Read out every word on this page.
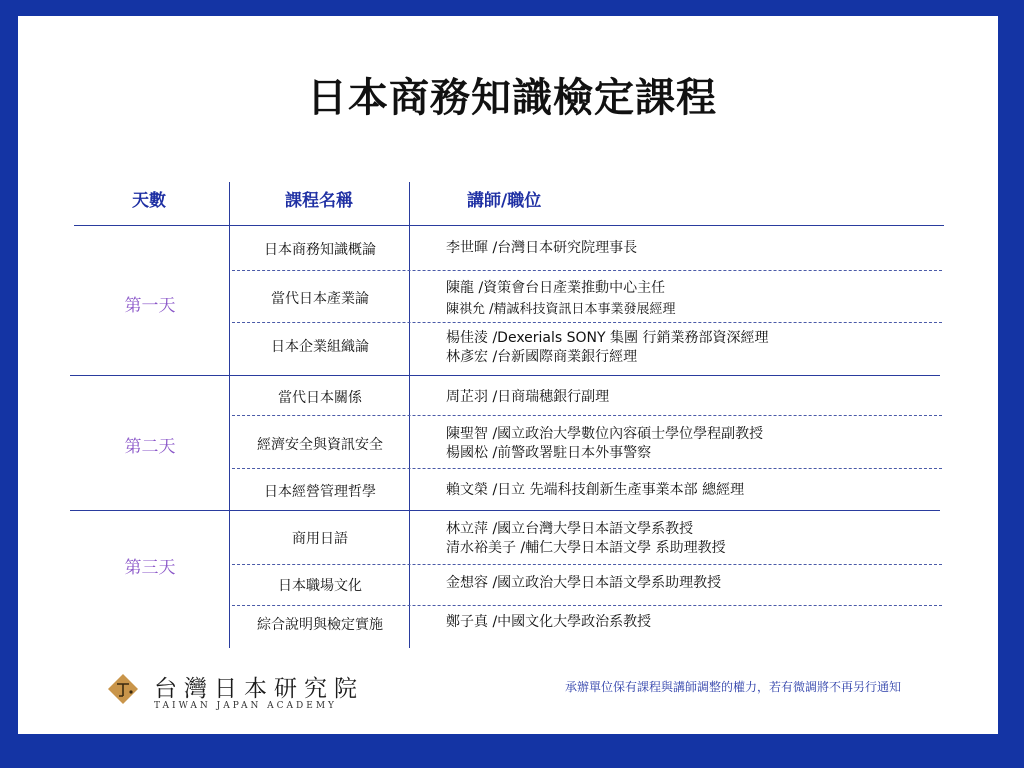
日本商務知識檢定課程
天數	課程名稱	講師/職位
第一天
第二天
第三天
日本商務知識概論
當代日本產業論
日本企業組織論
當代日本關係
經濟安全與資訊安全
日本經營管理哲學
商用日語
日本職場文化
綜合說明與檢定實施
李世暉 /台灣日本研究院理事長
陳龍 /資策會台日產業推動中心主任
陳祺允 /精誠科技資訊日本事業發展經理
楊佳淩 /Dexerials SONY 集團 行銷業務部資深經理
林彥宏 /台新國際商業銀行經理
周芷羽 /日商瑞穗銀行副理
陳聖智 /國立政治大學數位內容碩士學位學程副教授
楊國松 /前警政署駐日本外事警察
賴文榮 /日立 先端科技創新生產事業本部 總經理
林立萍 /國立台灣大學日本語文學系教授
清水裕美子 /輔仁大學日本語文學 系助理教授
金想容 /國立政治大學日本語文學系助理教授
鄭子真 /中國文化大學政治系教授
台灣日本研究院
TAIWAN JAPAN ACADEMY
承辦單位保有課程與講師調整的權力，若有微調將不再另行通知
